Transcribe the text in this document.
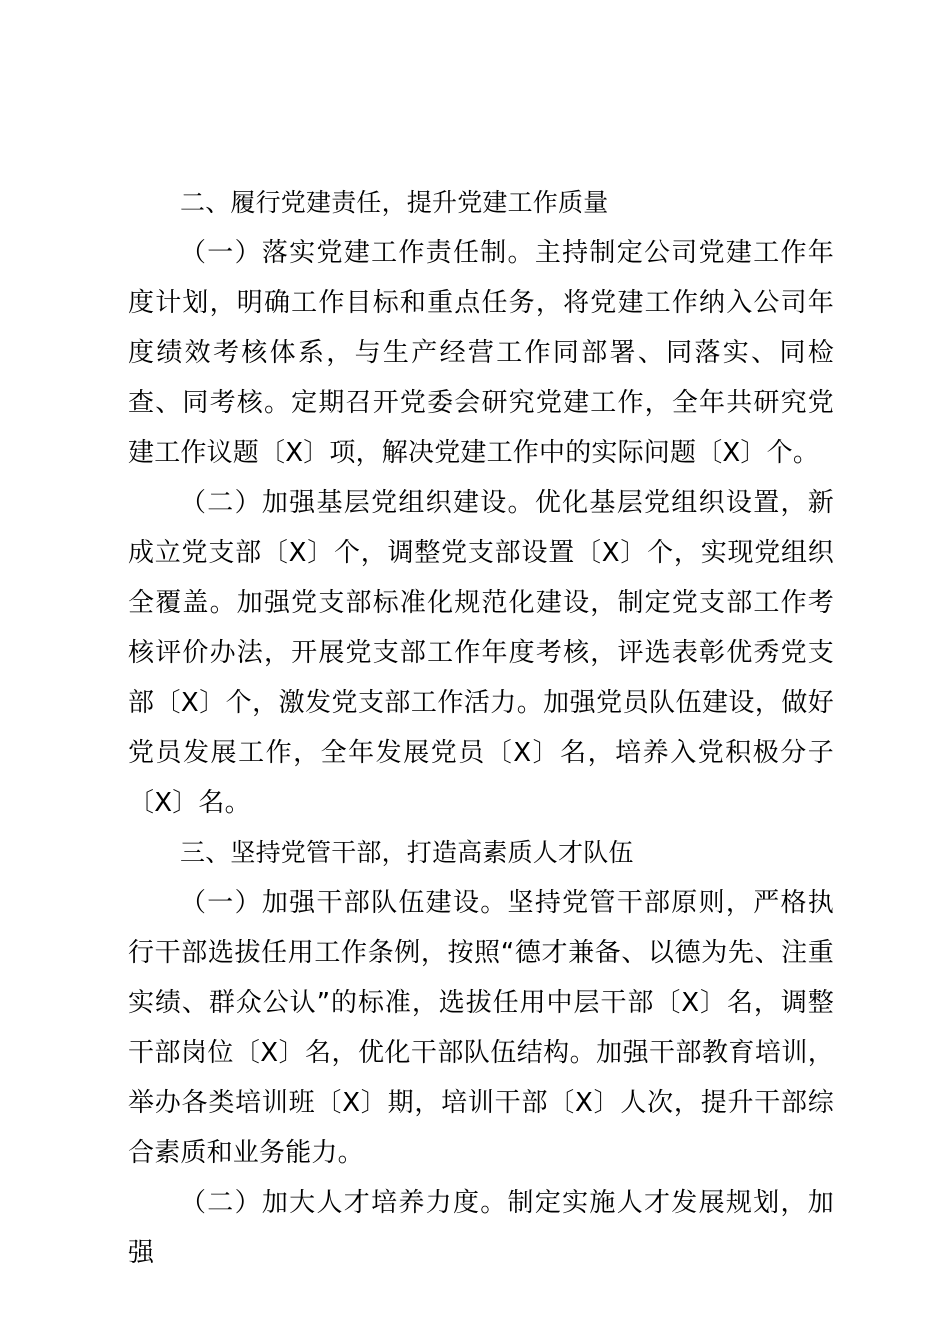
二、履行党建责任，提升党建工作质量

（一）落实党建工作责任制。主持制定公司党建工作年度计划，明确工作目标和重点任务，将党建工作纳入公司年度绩效考核体系，与生产经营工作同部署、同落实、同检查、同考核。定期召开党委会研究党建工作，全年共研究党建工作议题〔X〕项，解决党建工作中的实际问题〔X〕个。

（二）加强基层党组织建设。优化基层党组织设置，新成立党支部〔X〕个，调整党支部设置〔X〕个，实现党组织全覆盖。加强党支部标准化规范化建设，制定党支部工作考核评价办法，开展党支部工作年度考核，评选表彰优秀党支部〔X〕个，激发党支部工作活力。加强党员队伍建设，做好党员发展工作，全年发展党员〔X〕名，培养入党积极分子〔X〕名。

三、坚持党管干部，打造高素质人才队伍

（一）加强干部队伍建设。坚持党管干部原则，严格执行干部选拔任用工作条例，按照“德才兼备、以德为先、注重实绩、群众公认”的标准，选拔任用中层干部〔X〕名，调整干部岗位〔X〕名，优化干部队伍结构。加强干部教育培训，举办各类培训班〔X〕期，培训干部〔X〕人次，提升干部综合素质和业务能力。

（二）加大人才培养力度。制定实施人才发展规划，加强
